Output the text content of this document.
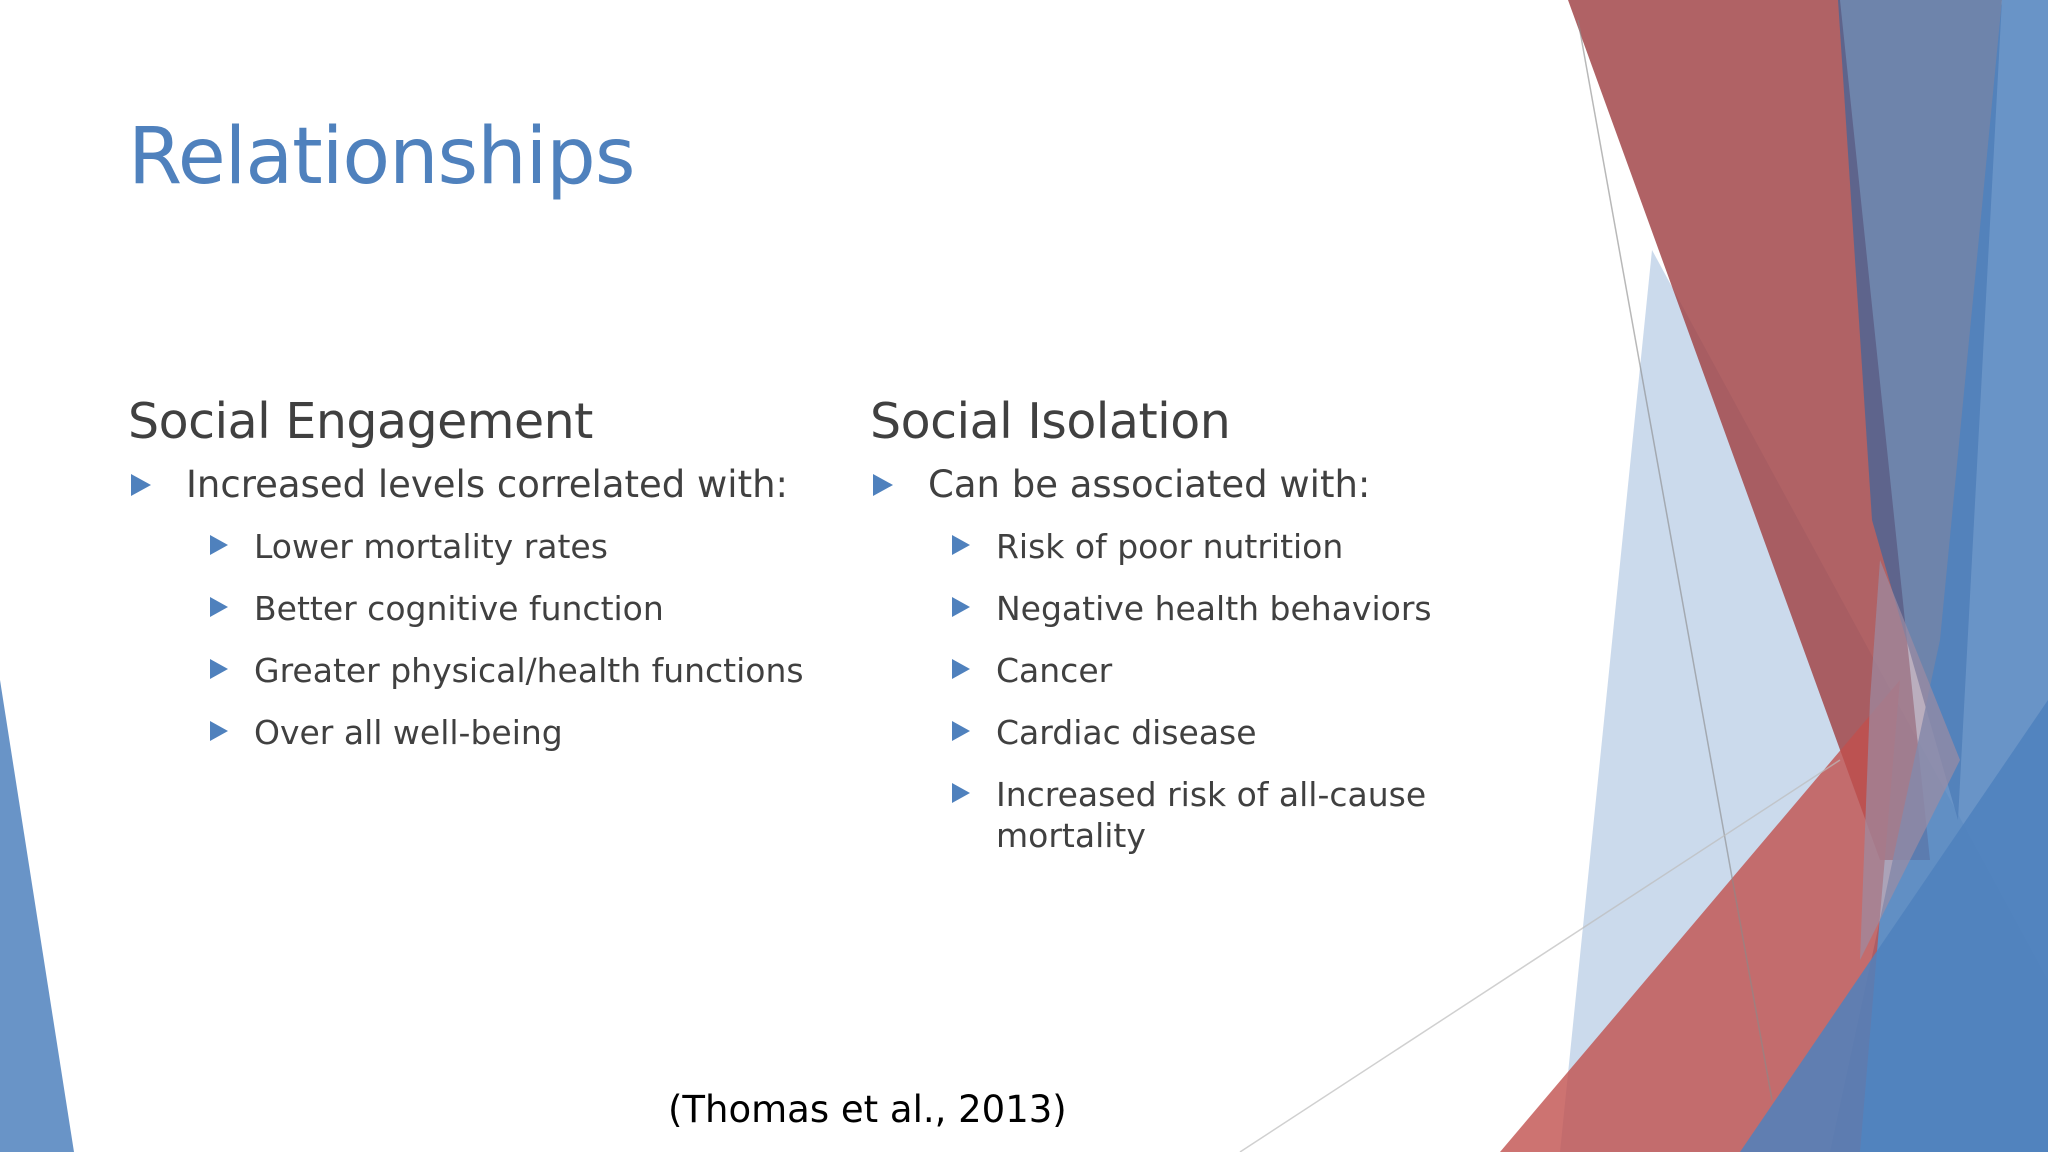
Relationships
Social Engagement
Increased levels correlated with:
Lower mortality rates
Better cognitive function
Greater physical/health functions
Over all well-being
Social Isolation
Can be associated with:
Risk of poor nutrition
Negative health behaviors
Cancer
Cardiac disease
Increased risk of all-cause mortality
(Thomas et al., 2013)
